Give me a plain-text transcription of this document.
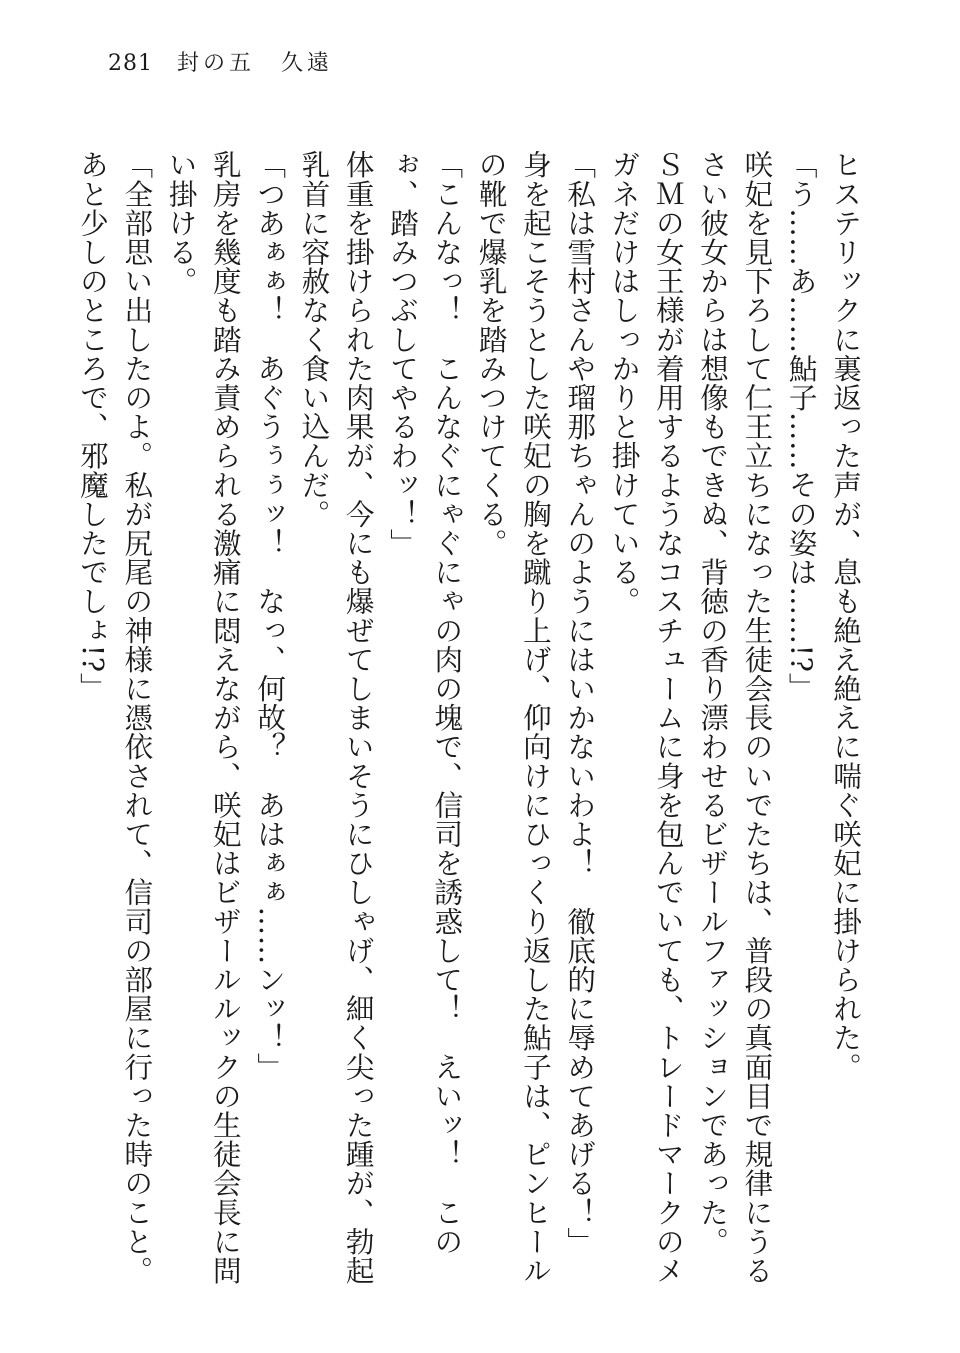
281 封の五　久遠

ヒステリックに裏返った声が、息も絶え絶えに喘ぐ咲妃に掛けられた。

「う……あ……鮎子……その姿は……!?」

咲妃を見下ろして仁王立ちになった生徒会長のいでたちは、普段の真面目で規律にうるさい彼女からは想像もできぬ、背徳の香り漂わせるビザールファッションであった。

ＳＭの女王様が着用するようなコスチュームに身を包んでいても、トレードマークのメガネだけはしっかりと掛けている。

「私は雪村さんや瑠那ちゃんのようにはいかないわよ！　徹底的に辱めてあげる！」

身を起こそうとした咲妃の胸を蹴り上げ、仰向けにひっくり返した鮎子は、ピンヒールの靴で爆乳を踏みつけてくる。

「こんなっ！　こんなぐにゃぐにゃの肉の塊で、信司を誘惑して！　えいッ！　このぉ、踏みつぶしてやるわッ！」

体重を掛けられた肉果が、今にも爆ぜてしまいそうにひしゃげ、細く尖った踵が、勃起乳首に容赦なく食い込んだ。

「つあぁぁ！　あぐうぅぅッ！　なっ、何故？　あはぁぁ……ンッ！」

乳房を幾度も踏み責められる激痛に悶えながら、咲妃はビザールルックの生徒会長に問い掛ける。

「全部思い出したのよ。私が尻尾の神様に憑依されて、信司の部屋に行った時のこと。あと少しのところで、邪魔したでしょ!?」
